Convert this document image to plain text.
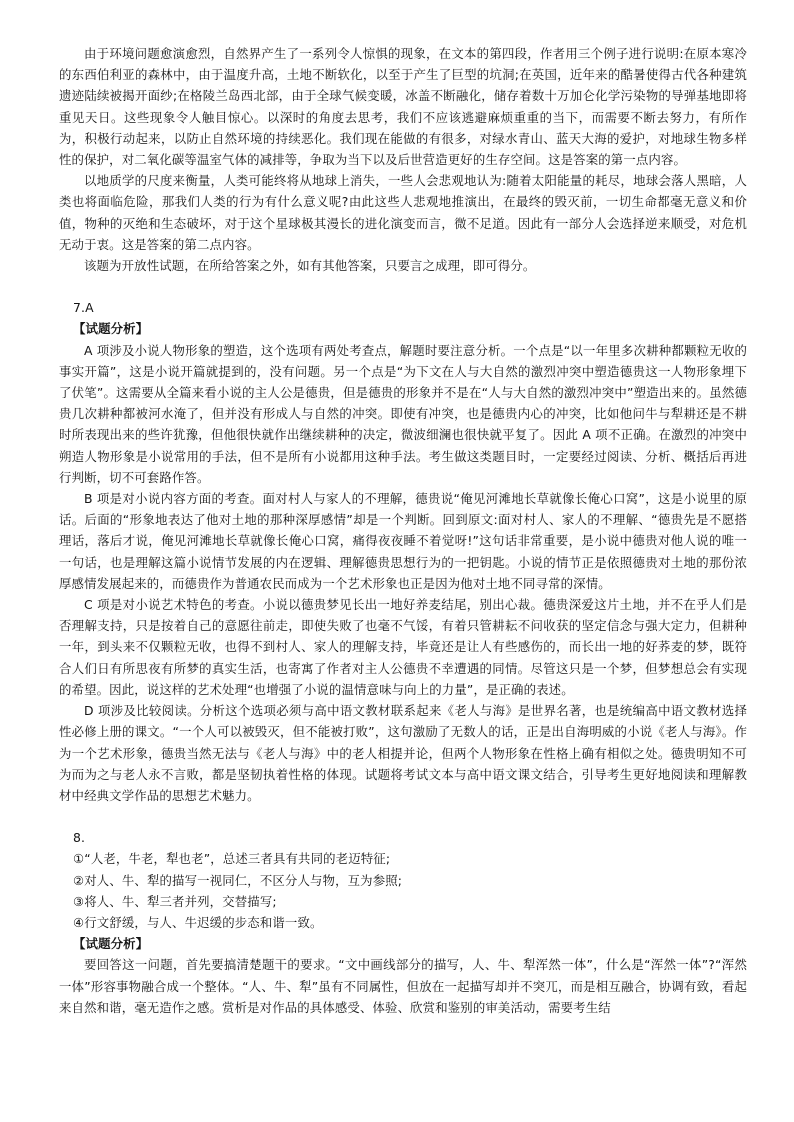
由于环境问题愈演愈烈，自然界产生了一系列令人惊惧的现象，在文本的第四段，作者用三个例子进行说明:在原本寒冷的东西伯利亚的森林中，由于温度升高，土地不断软化，以至于产生了巨型的坑洞;在英国，近年来的酷暑使得古代各种建筑遗迹陆续被揭开面纱;在格陵兰岛西北部，由于全球气候变暖，冰盖不断融化，储存着数十万加仑化学污染物的导弹基地即将重见天日。这些现象令人触目惊心。以深时的角度去思考，我们不应该逃避麻烦重重的当下，而需要不断去努力，有所作为，积极行动起来，以防止自然环境的持续恶化。我们现在能做的有很多，对绿水青山、蓝天大海的爱护，对地球生物多样性的保护，对二氧化碳等温室气体的减排等，争取为当下以及后世营造更好的生存空间。这是答案的第一点内容。

以地质学的尺度来衡量，人类可能终将从地球上消失，一些人会悲观地认为:随着太阳能量的耗尽，地球会落人黑暗，人类也将面临危险，那我们人类的行为有什么意义呢?由此这些人悲观地推演出，在最终的毁灭前，一切生命都毫无意义和价值，物种的灭绝和生态破坏，对于这个星球极其漫长的进化演变而言，微不足道。因此有一部分人会选择逆来顺受，对危机无动于衷。这是答案的第二点内容。

该题为开放性试题，在所给答案之外，如有其他答案，只要言之成理，即可得分。

7.A

【试题分析】

A 项涉及小说人物形象的塑造，这个选项有两处考查点，解题时要注意分析。一个点是“以一年里多次耕种都颗粒无收的事实开篇”，这是小说开篇就提到的，没有问题。另一个点是“为下文在人与大自然的激烈冲突中塑造德贵这一人物形象埋下了伏笔”。这需要从全篇来看小说的主人公是德贵，但是德贵的形象并不是在“人与大自然的激烈冲突中”塑造出来的。虽然德贵几次耕种都被河水淹了，但并没有形成人与自然的冲突。即使有冲突，也是德贵内心的冲突，比如他问牛与犁耕还是不耕时所表现出来的些许犹豫，但他很快就作出继续耕种的决定，微波细澜也很快就平复了。因此 A 项不正确。在激烈的冲突中朔造人物形象是小说常用的手法，但不是所有小说都用这种手法。考生做这类题目时，一定要经过阅读、分析、概括后再进行判断，切不可套路作答。

B 项是对小说内容方面的考查。面对村人与家人的不理解，德贵说“俺见河滩地长草就像长俺心口窝”，这是小说里的原话。后面的“形象地表达了他对土地的那种深厚感情”却是一个判断。回到原文:面对村人、家人的不理解、“德贵先是不愿搭理话，落后才说，俺见河滩地长草就像长俺心口窝，痛得夜夜睡不着觉呀!”这句话非常重要，是小说中德贵对他人说的唯一一句话，也是理解这篇小说情节发展的内在逻辑、理解德贵思想行为的一把钥匙。小说的情节正是依照德贵对土地的那份浓厚感情发展起来的，而德贵作为普通农民而成为一个艺术形象也正是因为他对土地不同寻常的深情。

C 项是对小说艺术特色的考查。小说以德贵梦见长出一地好养麦结尾，别出心裁。德贵深爱这片土地，并不在乎人们是否理解支持，只是按着自己的意愿往前走，即使失败了也毫不气馁，有着只管耕耘不问收获的坚定信念与强大定力，但耕种一年，到头来不仅颗粒无收，也得不到村人、家人的理解支持，毕竟还是让人有些感伤的，而长出一地的好荞麦的梦，既符合人们日有所思夜有所梦的真实生活，也寄寓了作者对主人公德贵不幸遭遇的同情。尽管这只是一个梦，但梦想总会有实现的希望。因此，说这样的艺术处理“也增强了小说的温情意味与向上的力量”，是正确的表述。

D 项涉及比较阅读。分析这个选项必须与高中语文教材联系起来《老人与海》是世界名著，也是统编高中语文教材选择性必修上册的课文。“一个人可以被毁灭，但不能被打败”，这句激励了无数人的话，正是出自海明威的小说《老人与海》。作为一个艺术形象，德贵当然无法与《老人与海》中的老人相提并论，但两个人物形象在性格上确有相似之处。德贵明知不可为而为之与老人永不言败，都是坚韧执着性格的体现。试题将考试文本与高中语文课文结合，引导考生更好地阅读和理解教材中经典文学作品的思想艺术魅力。

8.

①“人老，牛老，犁也老”，总述三者具有共同的老迈特征;

②对人、牛、犁的描写一视同仁，不区分人与物，互为参照;

③将人、牛、犁三者并列，交替描写;

④行文舒缓，与人、牛迟缓的步态和谐一致。

【试题分析】

要回答这一问题，首先要搞清楚题干的要求。“文中画线部分的描写，人、牛、犁浑然一体”，什么是“浑然一体”?“浑然一体”形容事物融合成一个整体。“人、牛、犁”虽有不同属性，但放在一起描写却并不突兀，而是相互融合，协调有致，看起来自然和谐，毫无造作之感。赏析是对作品的具体感受、体验、欣赏和鉴别的审美活动，需要考生结
